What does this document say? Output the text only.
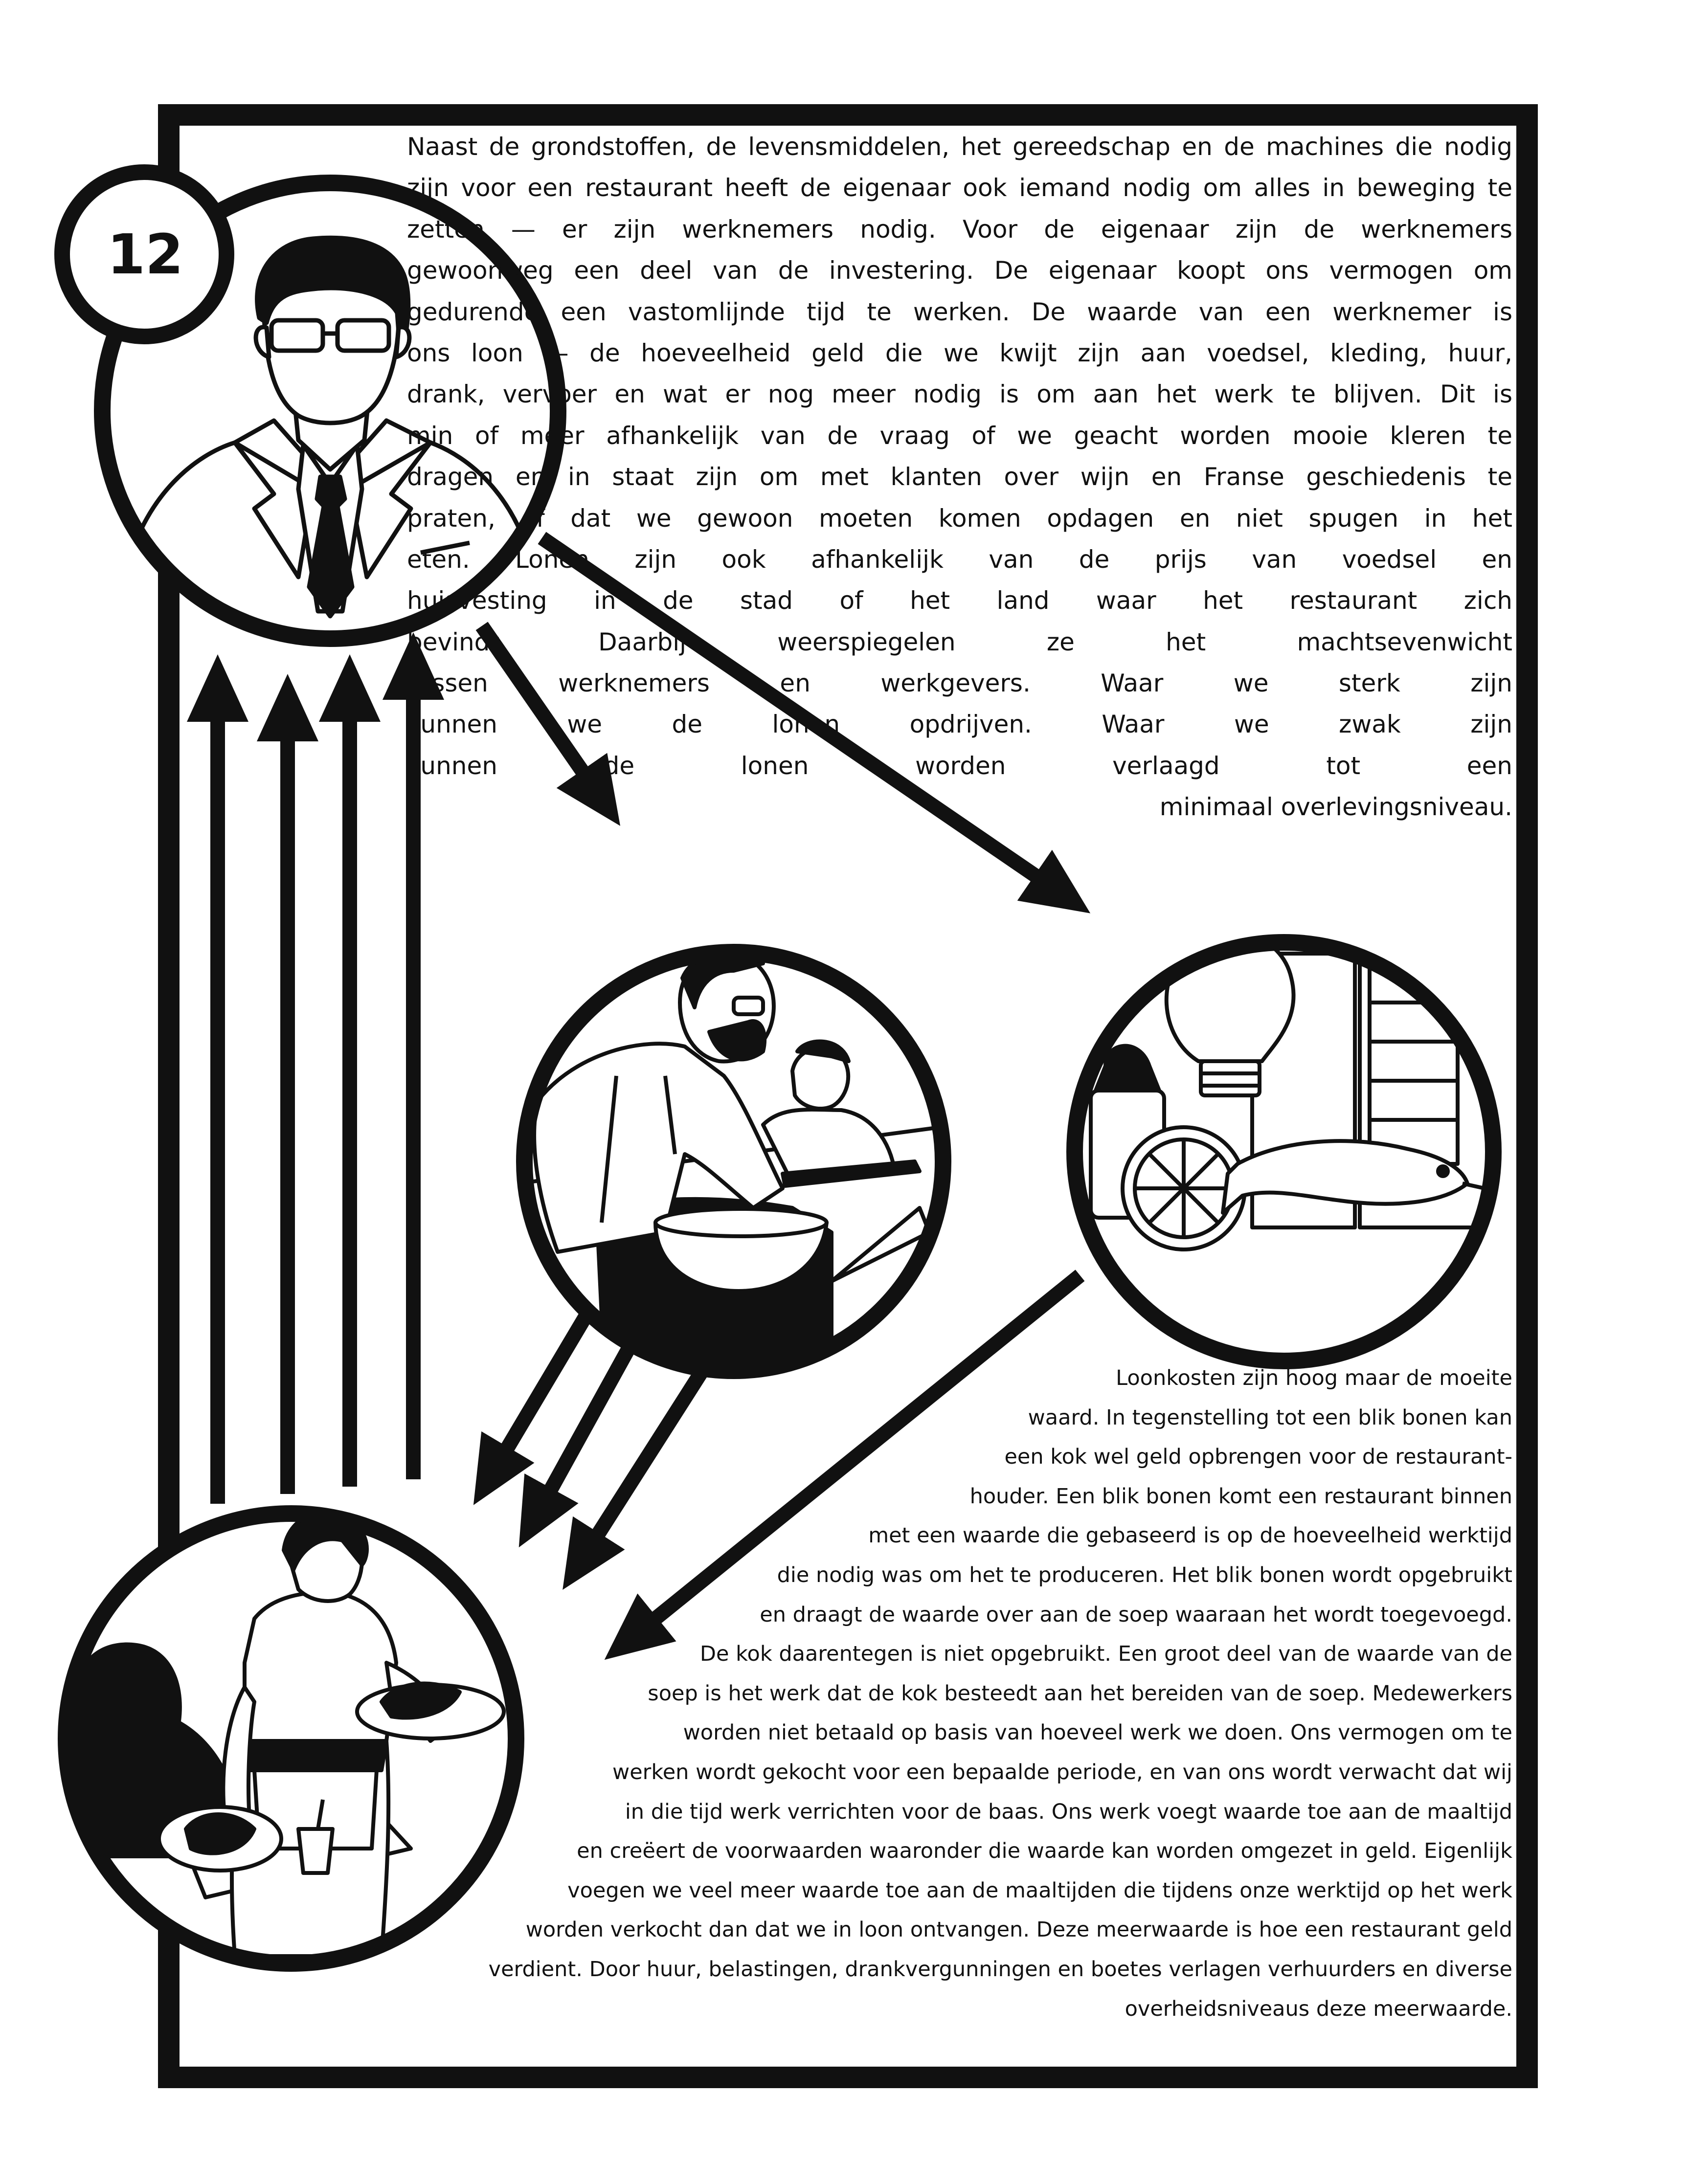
12
Naast de grondstoffen, de levensmiddelen, het gereedschap en de machines die nodig
zijn voor een restaurant heeft de eigenaar ook iemand nodig om alles in beweging te
zetten — er zijn werknemers nodig. Voor de eigenaar zijn de werknemers
gewoonweg een deel van de investering. De eigenaar koopt ons vermogen om
gedurende een vastomlijnde tijd te werken. De waarde van een werknemer is
ons loon — de hoeveelheid geld die we kwijt zijn aan voedsel, kleding, huur,
drank, vervoer en wat er nog meer nodig is om aan het werk te blijven. Dit is
min of meer afhankelijk van de vraag of we geacht worden mooie kleren te
dragen en in staat zijn om met klanten over wijn en Franse geschiedenis te
praten, of dat we gewoon moeten komen opdagen en niet spugen in het
eten. Lonen zijn ook afhankelijk van de prijs van voedsel en
huisvesting in de stad of het land waar het restaurant zich
bevindt. Daarbij weerspiegelen ze het machtsevenwicht
tussen werknemers en werkgevers. Waar we sterk zijn
kunnen we de lonen opdrijven. Waar we zwak zijn
kunnen de lonen worden verlaagd tot een
minimaal overlevingsniveau.
Loonkosten zijn hoog maar de moeite
waard. In tegenstelling tot een blik bonen kan
een kok wel geld opbrengen voor de restaurant-
houder. Een blik bonen komt een restaurant binnen
met een waarde die gebaseerd is op de hoeveelheid werktijd
die nodig was om het te produceren. Het blik bonen wordt opgebruikt
en draagt de waarde over aan de soep waaraan het wordt toegevoegd.
De kok daarentegen is niet opgebruikt. Een groot deel van de waarde van de
soep is het werk dat de kok besteedt aan het bereiden van de soep. Medewerkers
worden niet betaald op basis van hoeveel werk we doen. Ons vermogen om te
werken wordt gekocht voor een bepaalde periode, en van ons wordt verwacht dat wij
in die tijd werk verrichten voor de baas. Ons werk voegt waarde toe aan de maaltijd
en creëert de voorwaarden waaronder die waarde kan worden omgezet in geld. Eigenlijk
voegen we veel meer waarde toe aan de maaltijden die tijdens onze werktijd op het werk
worden verkocht dan dat we in loon ontvangen. Deze meerwaarde is hoe een restaurant geld
verdient. Door huur, belastingen, drankvergunningen en boetes verlagen verhuurders en diverse
overheidsniveaus deze meerwaarde.
